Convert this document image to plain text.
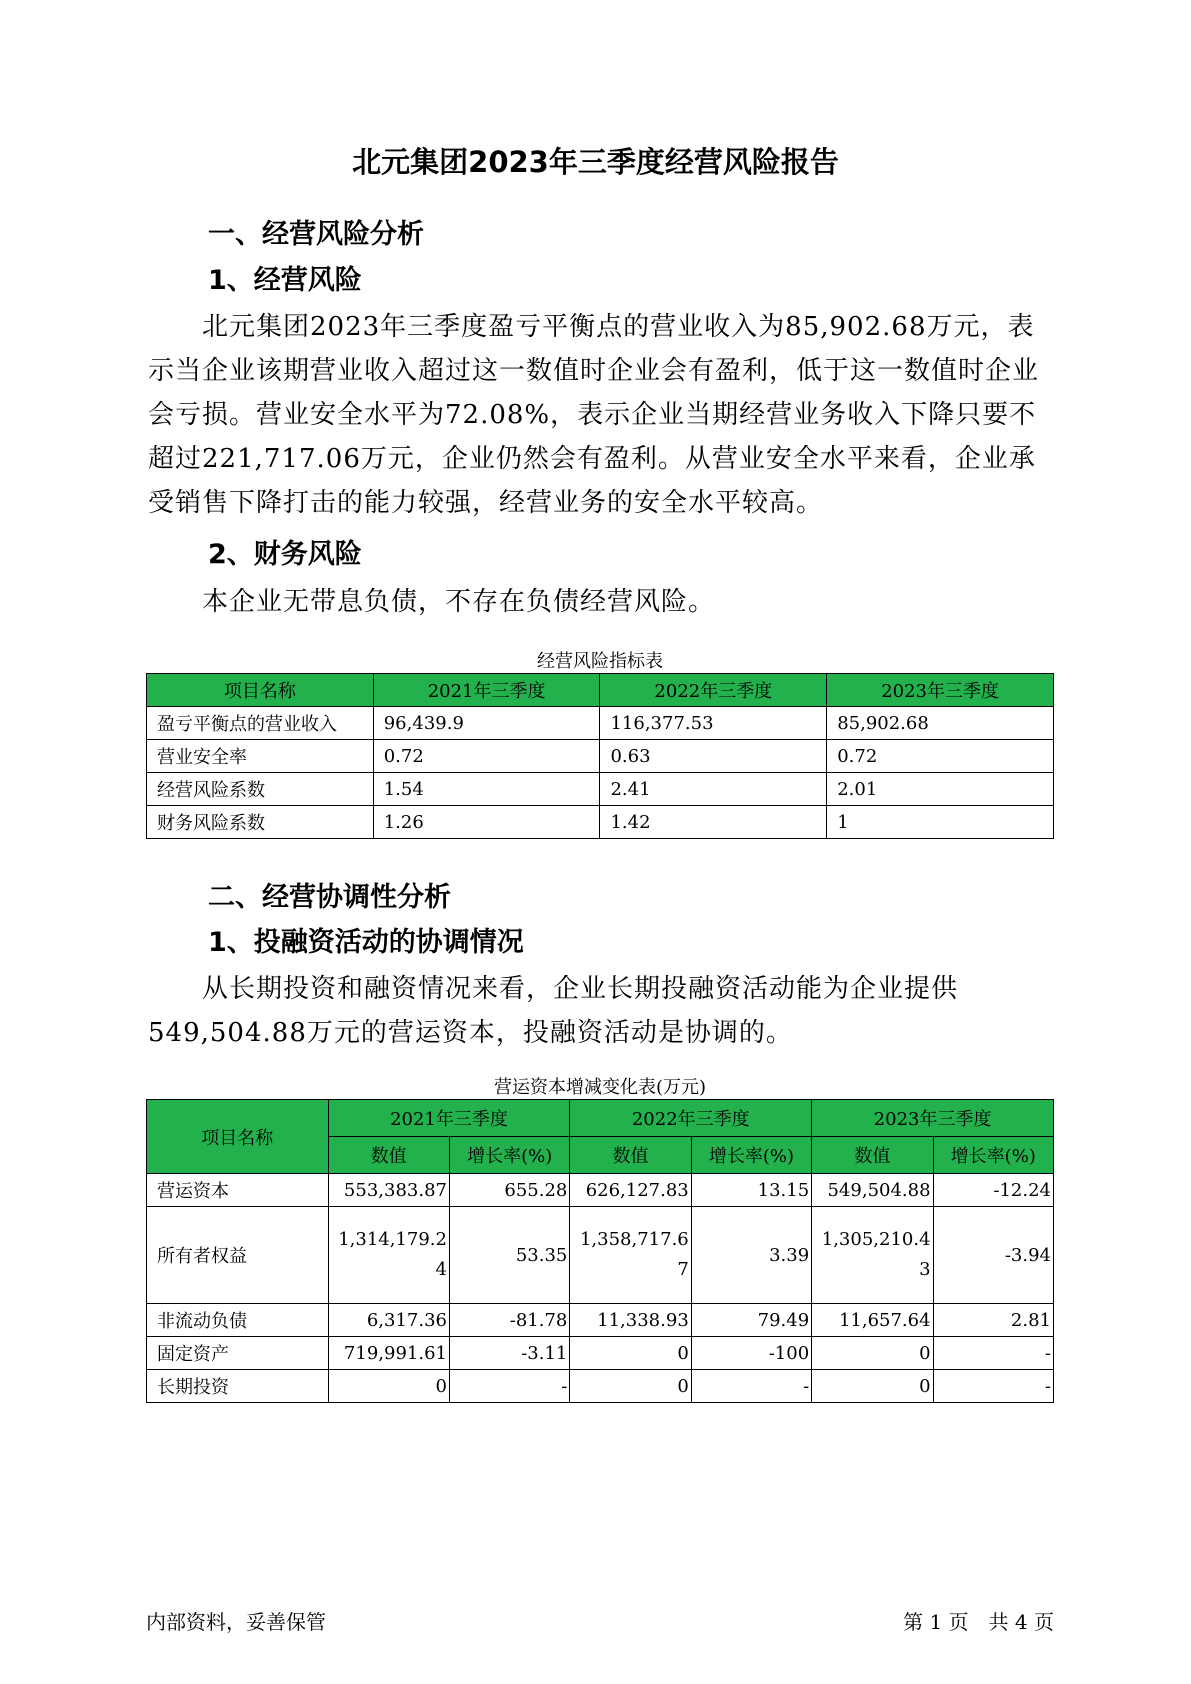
北元集团2023年三季度经营风险报告
一、经营风险分析
1、经营风险

北元集团2023年三季度盈亏平衡点的营业收入为85,902.68万元，表示当企业该期营业收入超过这一数值时企业会有盈利，低于这一数值时企业会亏损。营业安全水平为72.08%，表示企业当期经营业务收入下降只要不超过221,717.06万元，企业仍然会有盈利。从营业安全水平来看，企业承受销售下降打击的能力较强，经营业务的安全水平较高。

2、财务风险

本企业无带息负债，不存在负债经营风险。

经营风险指标表

项目名称	2021年三季度	2022年三季度	2023年三季度
盈亏平衡点的营业收入	96,439.9	116,377.53	85,902.68
营业安全率	0.72	0.63	0.72
经营风险系数	1.54	2.41	2.01
财务风险系数	1.26	1.42	1
二、经营协调性分析
1、投融资活动的协调情况

从长期投资和融资情况来看，企业长期投融资活动能为企业提供549,504.88万元的营运资本，投融资活动是协调的。

营运资本增减变化表(万元)

项目名称	2021年三季度		2022年三季度		2023年三季度	
	数值	增长率(%)	数值	增长率(%)	数值	增长率(%)
营运资本	553,383.87	655.28	626,127.83	13.15	549,504.88	-12.24
所有者权益	1,314,179.24	53.35	1,358,717.67	3.39	1,305,210.43	-3.94
非流动负债	6,317.36	-81.78	11,338.93	79.49	11,657.64	2.81
固定资产	719,991.61	-3.11	0	-100	0	-
长期投资	0	-	0	-	0	-
内部资料，妥善保管	第 1 页　共 4 页
